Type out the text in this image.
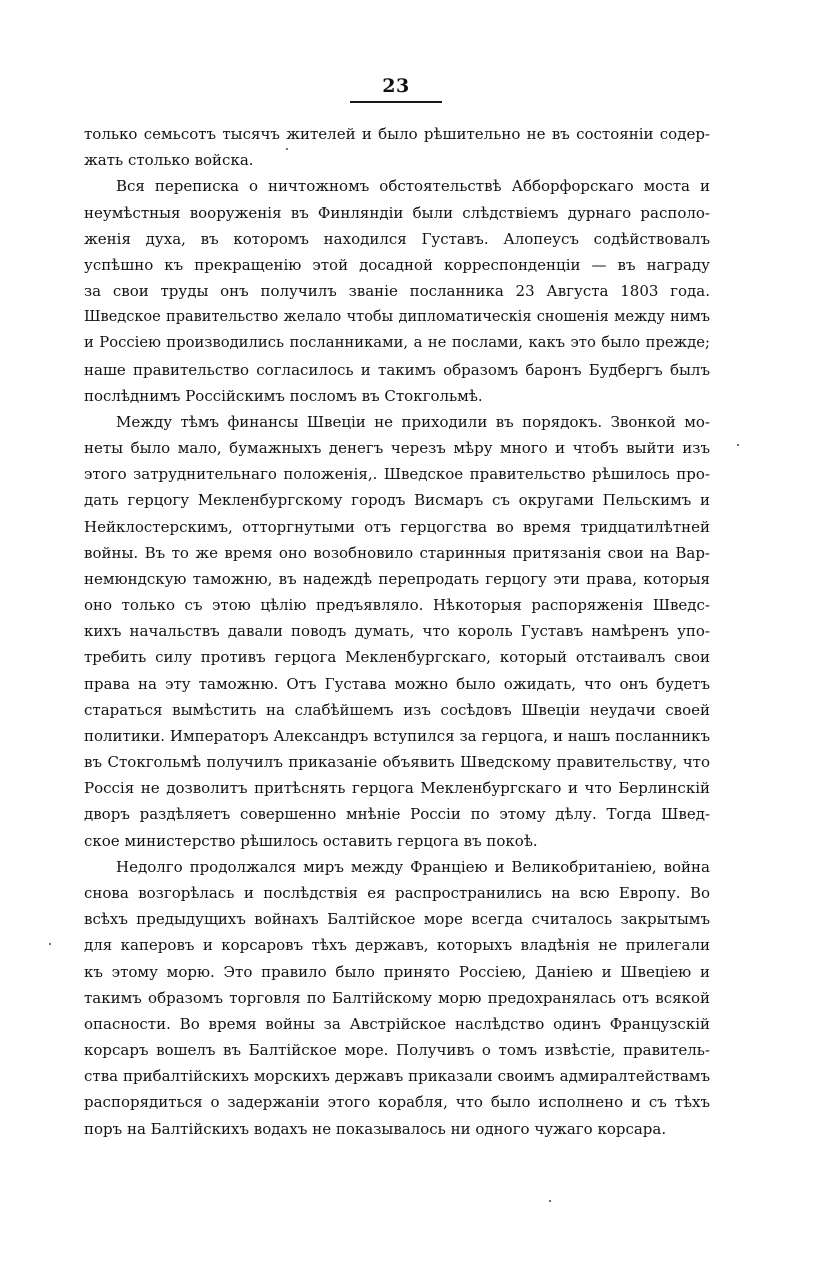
23
только семьсотъ тысячъ жителей и было рѣшительно не въ состоянiи содер-
жать столько войска.
Вся переписка о ничтожномъ обстоятельствѣ Абборфорскаго моста и
неумѣстныя вооруженiя въ Финляндiи были слѣдствiемъ дурнаго располо-
женiя духа, въ которомъ находился Густавъ. Алопеусъ содѣйствовалъ
успѣшно къ прекращенiю этой досадной корреспонденцiи — въ награду
за свои труды онъ получилъ званiе посланника 23 Августа 1803 года.
Шведское правительство желало чтобы дипломатическiя сношенiя между нимъ
и Россiею производились посланниками, а не послами, какъ это было прежде;
наше правительство согласилось и такимъ образомъ баронъ Будбергъ былъ
послѣднимъ Россiйскимъ посломъ въ Стокгольмѣ.
Между тѣмъ финансы Швецiи не приходили въ порядокъ. Звонкой мо-
неты было мало, бумажныхъ денегъ черезъ мѣру много и чтобъ выйти изъ
этого затруднительнаго положенiя,. Шведское правительство рѣшилось про-
дать герцогу Мекленбургскому городъ Висмаръ съ округами Пельскимъ и
Нейклостерскимъ, отторгнутыми отъ герцогства во время тридцатилѣтней
войны. Въ то же время оно возобновило старинныя притязанiя свои на Вар-
немюндскую таможню, въ надеждѣ перепродать герцогу эти права, которыя
оно только съ этою цѣлiю предъявляло. Нѣкоторыя распоряженiя Шведс-
кихъ начальствъ давали поводъ думать, что король Густавъ намѣренъ упо-
требить силу противъ герцога Мекленбургскаго, который отстаивалъ свои
права на эту таможню. Отъ Густава можно было ожидать, что онъ будетъ
стараться вымѣстить на слабѣйшемъ изъ сосѣдовъ Швецiи неудачи своей
политики. Императоръ Александръ вступился за герцога, и нашъ посланникъ
въ Стокгольмѣ получилъ приказанiе объявить Шведскому правительству, что
Россiя не дозволитъ притѣснять герцога Мекленбургскаго и что Берлинскiй
дворъ раздѣляетъ совершенно мнѣнiе Россiи по этому дѣлу. Тогда Швед-
ское министерство рѣшилось оставить герцога въ покоѣ.
Недолго продолжался миръ между Францiею и Великобританiею, война
снова возгорѣлась и послѣдствiя ея распространились на всю Европу. Во
всѣхъ предыдущихъ войнахъ Балтiйское море всегда считалось закрытымъ
для каперовъ и корсаровъ тѣхъ державъ, которыхъ владѣнiя не прилегали
къ этому морю. Это правило было принято Россiею, Данiею и Швецiею и
такимъ образомъ торговля по Балтiйскому морю предохранялась отъ всякой
опасности. Во время войны за Австрiйское наслѣдство одинъ Французскiй
корсаръ вошелъ въ Балтiйское море. Получивъ о томъ извѣстiе, правитель-
ства прибалтiйскихъ морскихъ державъ приказали своимъ адмиралтействамъ
распорядиться о задержанiи этого корабля, что было исполнено и съ тѣхъ
поръ на Балтiйскихъ водахъ не показывалось ни одного чужаго корсара.
